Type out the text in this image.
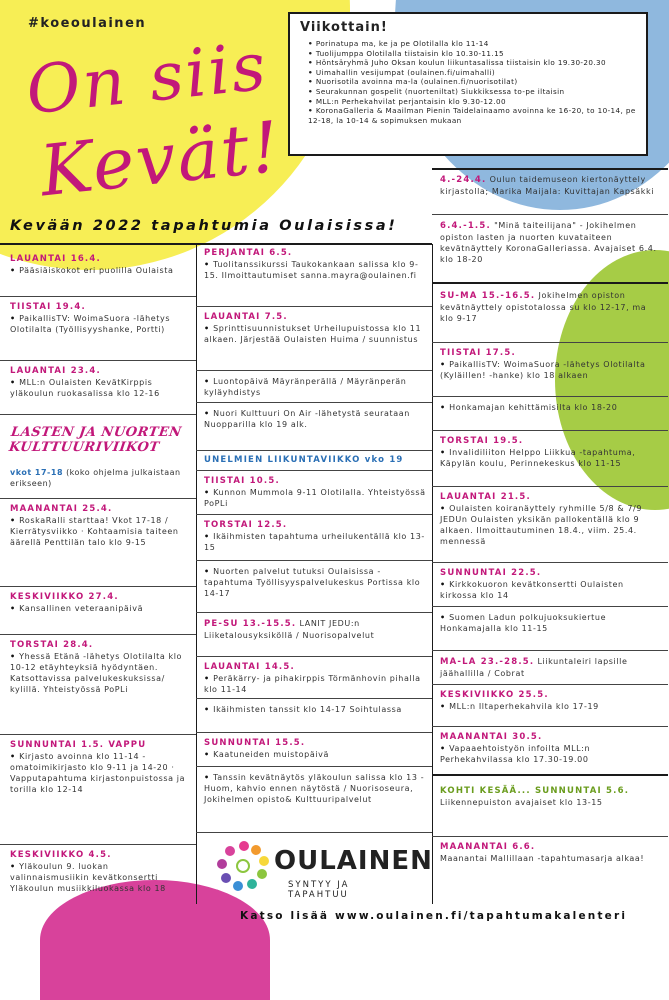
#koeoulainen
On siis
Kevät!
Viikottain!
• Porinatupa ma, ke ja pe Olotilalla klo 11-14
• Tuolijumppa Olotilalla tiistaisin klo 10.30-11.15
• Höntsäryhmä Juho Oksan koulun liikuntasalissa tiistaisin klo 19.30-20.30
• Uimahallin vesijumpat (oulainen.fi/uimahalli)
• Nuorisotila avoinna ma-la (oulainen.fi/nuorisotilat)
• Seurakunnan gospelit (nuorteniltat) Siukkiksessa to-pe iltaisin
• MLL:n Perhekahvilat perjantaisin klo 9.30-12.00
• KoronaGalleria & Maailman Pienin Taidelainaamo avoinna ke 16-20, to 10-14, pe 12-18, la 10-14 & sopimuksen mukaan
4.-24.4. Oulun taidemuseon kiertonäyttely kirjastolla; Marika Maijala: Kuvittajan Kapsäkki
6.4.-1.5. "Minä taiteilijana" - Jokihelmen opiston lasten ja nuorten kuvataiteen kevätnäyttely KoronaGalleriassa. Avajaiset 6.4. klo 18-20
Kevään 2022 tapahtumia Oulaisissa!
LAUANTAI 16.4.
• Pääsiäiskokot eri puolilla Oulaista
TIISTAI 19.4.
• PaikallisTV: WoimaSuora -lähetys Olotilalta (Työllisyyshanke, Portti)
LAUANTAI 23.4.
• MLL:n Oulaisten KevätKirppis yläkoulun ruokasalissa klo 12-16
LASTEN JA NUORTEN
KULTTUURIVIIKOT
vkot 17-18 (koko ohjelma julkaistaan erikseen)
MAANANTAI 25.4.
• RoskaRalli starttaa! Vkot 17-18 / Kierrätysviikko · Kohtaamisia taiteen äärellä Penttilän talo klo 9-15
KESKIVIIKKO 27.4.
• Kansallinen veteraanipäivä
TORSTAI 28.4.
• Yhessä Etänä -lähetys Olotilalta klo 10-12 etäyhteyksiä hyödyntäen. Katsottavissa palvelukeskuksissa/ kylillä. Yhteistyössä PoPLi
SUNNUNTAI 1.5. VAPPU
• Kirjasto avoinna klo 11-14 - omatoimikirjasto klo 9-11 ja 14-20 · Vapputapahtuma kirjastonpuistossa ja torilla klo 12-14
KESKIVIIKKO 4.5.
• Yläkoulun 9. luokan valinnaismusiikin kevätkonsertti Yläkoulun musiikkiluokassa klo 18
PERJANTAI 6.5.
• Tuolitanssikurssi Taukokankaan salissa klo 9-15. Ilmoittautumiset sanna.mayra@oulainen.fi
LAUANTAI 7.5.
• Sprinttisuunnistukset Urheilupuistossa klo 11 alkaen. Järjestää Oulaisten Huima / suunnistus
• Luontopäivä Mäyränperällä / Mäyränperän kyläyhdistys
• Nuori Kulttuuri On Air -lähetystä seurataan Nuopparilla klo 19 alk.
UNELMIEN LIIKUNTAVIIKKO vko 19
TIISTAI 10.5.
• Kunnon Mummola 9-11 Olotilalla. Yhteistyössä PoPLi
TORSTAI 12.5.
• Ikäihmisten tapahtuma urheilukentällä klo 13-15
• Nuorten palvelut tutuksi Oulaisissa -tapahtuma Työllisyyspalvelukeskus Portissa klo 14-17
PE-SU 13.-15.5. LANIT JEDU:n Liiketalousyksiköllä / Nuorisopalvelut
LAUANTAI 14.5.
• Peräkärry- ja pihakirppis Törmänhovin pihalla klo 11-14
• Ikäihmisten tanssit klo 14-17 Soihtulassa
SUNNUNTAI 15.5.
• Kaatuneiden muistopäivä
• Tanssin kevätnäytös yläkoulun salissa klo 13 - Huom, kahvio ennen näytöstä / Nuorisoseura, Jokihelmen opisto& Kulttuuripalvelut
OULAINEN
SYNTYY JA TAPAHTUU
SU-MA 15.-16.5. Jokihelmen opiston kevätnäyttely opistotalossa su klo 12-17, ma klo 9-17
TIISTAI 17.5.
• PaikallisTV: WoimaSuora -lähetys Olotilalta (Kyläillen! -hanke) klo 18 alkaen
• Honkamajan kehittämisilta klo 18-20
TORSTAI 19.5.
• Invalidiliiton Helppo Liikkua -tapahtuma, Käpylän koulu, Perinnekeskus klo 11-15
LAUANTAI 21.5.
• Oulaisten koiranäyttely ryhmille 5/8 & 7/9 JEDUn Oulaisten yksikän pallokentällä klo 9 alkaen. Ilmoittautuminen 18.4., viim. 25.4. mennessä
SUNNUNTAI 22.5.
• Kirkkokuoron kevätkonsertti Oulaisten kirkossa klo 14
• Suomen Ladun polkujuoksukiertue Honkamajalla klo 11-15
MA-LA 23.-28.5. Liikuntaleiri lapsille jäähallilla / Cobrat
KESKIVIIKKO 25.5.
• MLL:n Iltaperhekahvila klo 17-19
MAANANTAI 30.5.
• Vapaaehtoistyön infoilta MLL:n Perhekahvilassa klo 17.30-19.00
KOHTI KESÄÄ... SUNNUNTAI 5.6.
Liikennepuiston avajaiset klo 13-15
MAANANTAI 6.6.
Maanantai Mallillaan -tapahtumasarja alkaa!
Katso lisää www.oulainen.fi/tapahtumakalenteri
